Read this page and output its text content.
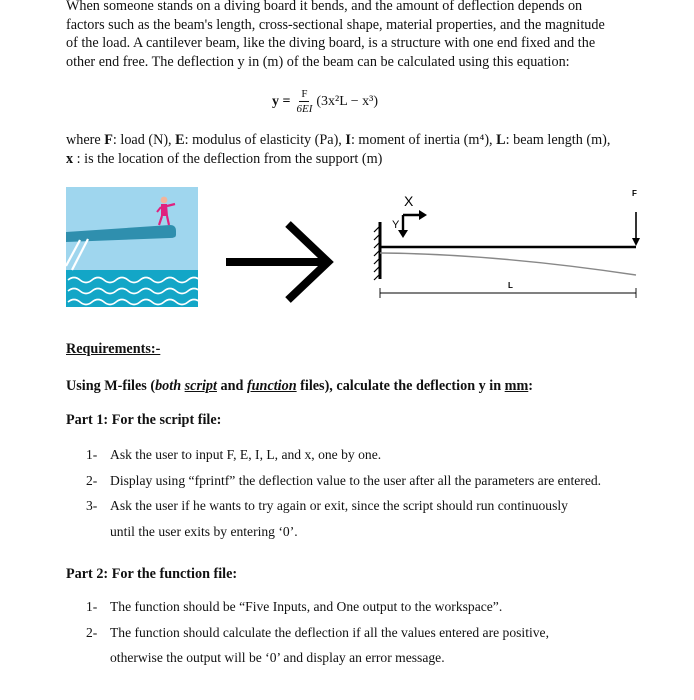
When someone stands on a diving board it bends, and the amount of deflection depends on
factors such as the beam's length, cross-sectional shape, material properties, and the magnitude
of the load. A cantilever beam, like the diving board, is a structure with one end fixed and the
other end free. The deflection y in (m) of the beam can be calculated using this equation:
$y = \frac{F}{6EI} (3x^2L - x^3)$
where F: load (N), E: modulus of elasticity (Pa), I: moment of inertia (m⁴), L: beam length (m),
x : is the location of the deflection from the support (m)
X
Y
F
L
Requirements:-
Using M-files (both script and function files), calculate the deflection y in mm:
Part 1: For the script file:
1- Ask the user to input F, E, I, L, and x, one by one.
2- Display using “fprintf” the deflection value to the user after all the parameters are entered.
3- Ask the user if he wants to try again or exit, since the script should run continuously
until the user exits by entering ‘0’.
Part 2: For the function file:
1- The function should be “Five Inputs, and One output to the workspace”.
2- The function should calculate the deflection if all the values entered are positive,
otherwise the output will be ‘0’ and display an error message.
